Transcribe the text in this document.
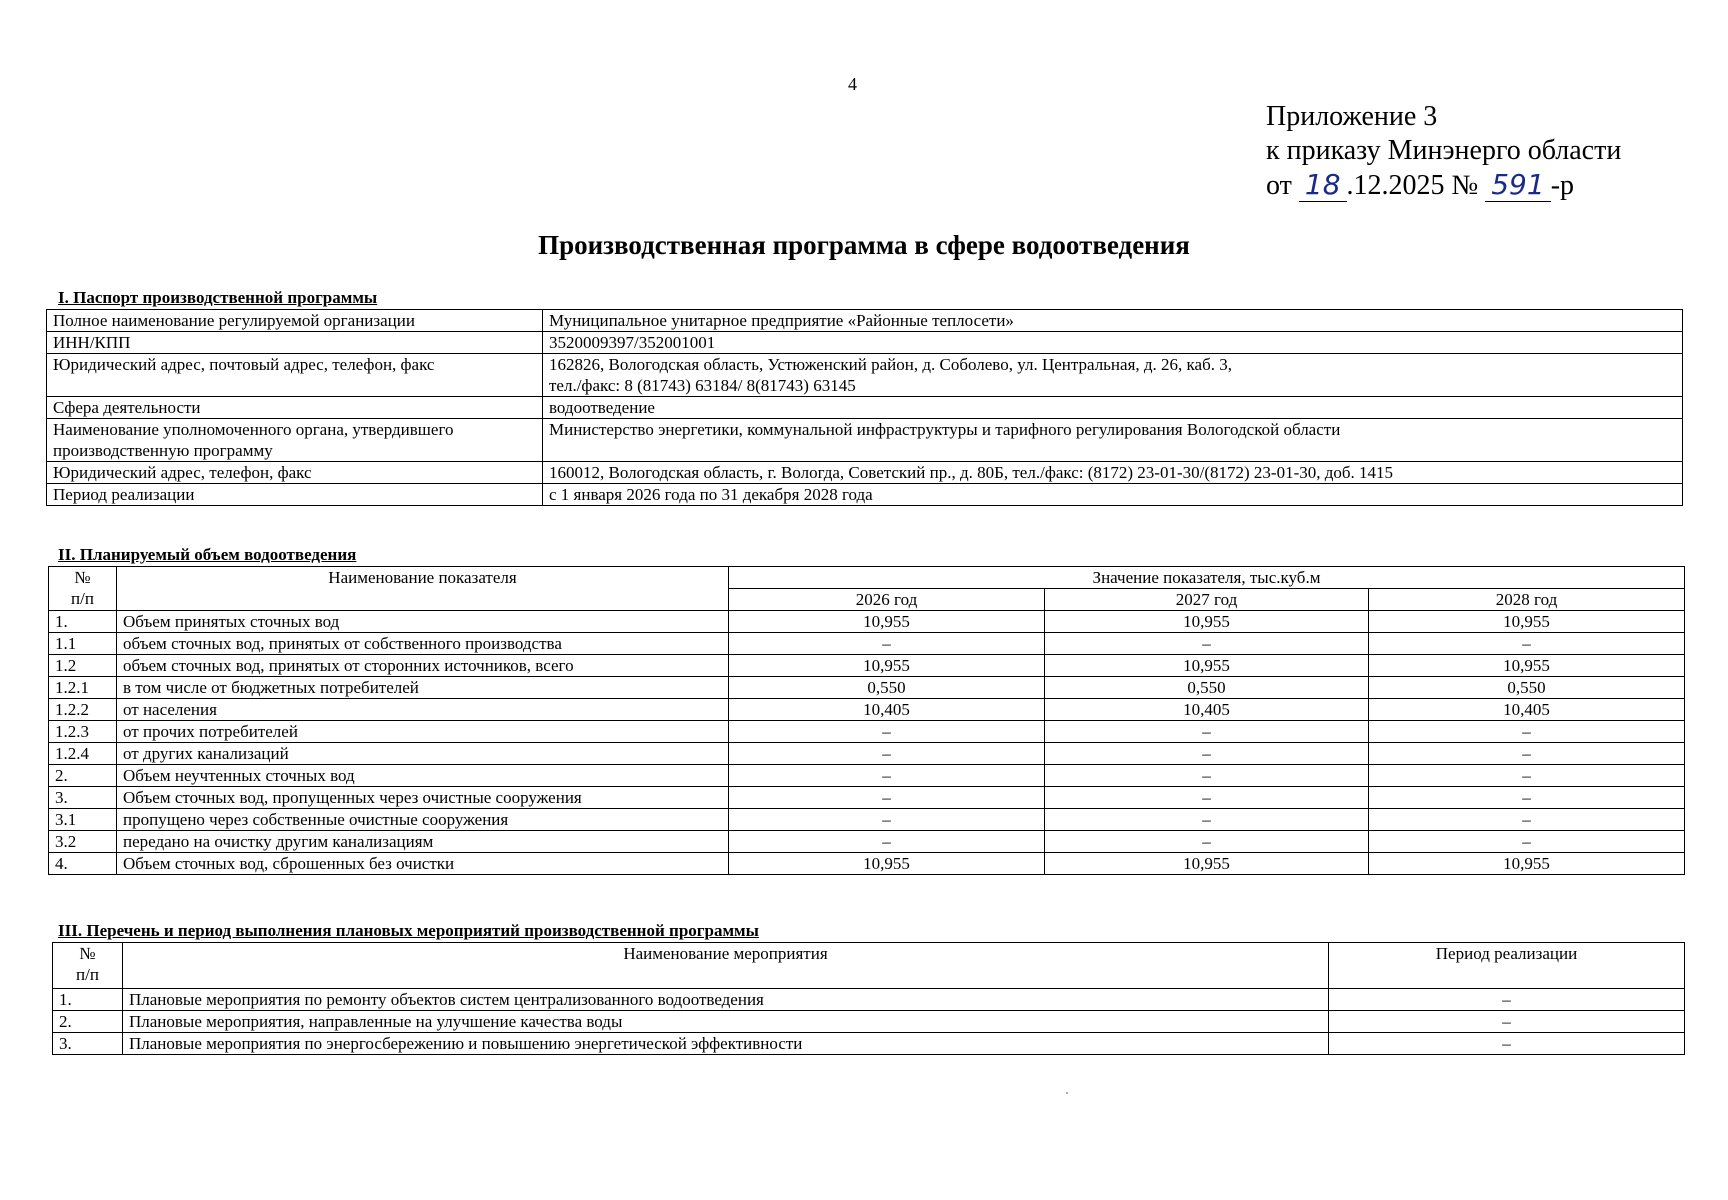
4
Приложение 3
к приказу Минэнерго области
от 18 .12.2025 № 591 -р
Производственная программа в сфере водоотведения
I. Паспорт производственной программы
Полное наименование регулируемой организации	Муниципальное унитарное предприятие «Районные теплосети»
ИНН/КПП	3520009397/352001001
Юридический адрес, почтовый адрес, телефон, факс	162826, Вологодская область, Устюженский район, д. Соболево, ул. Центральная, д. 26, каб. 3,
тел./факс: 8 (81743) 63184/ 8(81743) 63145

Сфера деятельности	водоотведение

Наименование уполномоченного органа, утвердившего
производственную программу	Министерство энергетики, коммунальной инфраструктуры и тарифного регулирования Вологодской области
Юридический адрес, телефон, факс	160012, Вологодская область, г. Вологда, Советский пр., д. 80Б, тел./факс: (8172) 23-01-30/(8172) 23-01-30, доб. 1415
Период реализации	с 1 января 2026 года по 31 декабря 2028 года
II. Планируемый объем водоотведения
№
п/п	Наименование показателя	Значение показателя, тыс.куб.м		
		2026 год	2027 год	2028 год
1.	Объем принятых сточных вод	10,955	10,955	10,955
1.1	объем сточных вод, принятых от собственного производства	–	–	–
1.2	объем сточных вод, принятых от сторонних источников, всего	10,955	10,955	10,955
1.2.1	в том числе от бюджетных потребителей	0,550	0,550	0,550
1.2.2	от населения	10,405	10,405	10,405
1.2.3	от прочих потребителей	–	–	–
1.2.4	от других канализаций	–	–	–
2.	Объем неучтенных сточных вод	–	–	–
3.	Объем сточных вод, пропущенных через очистные сооружения	–	–	–
3.1	пропущено через собственные очистные сооружения	–	–	–
3.2	передано на очистку другим канализациям	–	–	–
4.	Объем сточных вод, сброшенных без очистки	10,955	10,955	10,955
III. Перечень и период выполнения плановых мероприятий производственной программы
№
п/п	Наименование мероприятия	Период реализации
1.	Плановые мероприятия по ремонту объектов систем централизованного водоотведения	–
2.	Плановые мероприятия, направленные на улучшение качества воды	–
3.	Плановые мероприятия по энергосбережению и повышению энергетической эффективности	–
